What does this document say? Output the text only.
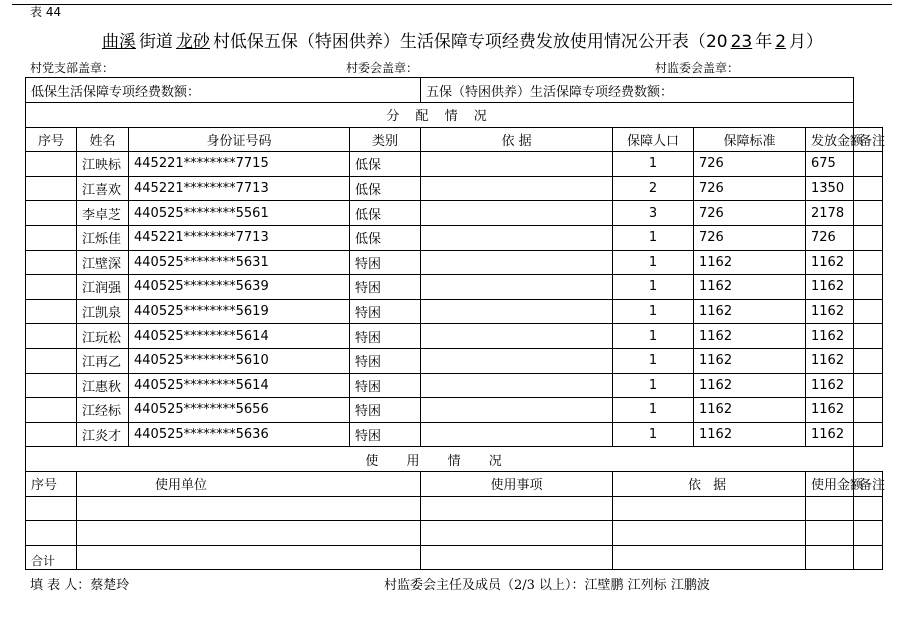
表 44
曲溪 街道 龙砂 村低保五保（特困供养）生活保障专项经费发放使用情况公开表（20 23 年 2 月）
村党支部盖章：	村委会盖章：	村监委会盖章：
低保生活保障专项经费数额：				五保（特困供养）生活保障专项经费数额：				
分 配 情 况								
序号	姓名	身份证号码	类别	依 据	保障人口	保障标准	发放金额	备注
	江映标	445221********7715	低保		1	726	675	
	江喜欢	445221********7713	低保		2	726	1350	
	李卓芝	440525********5561	低保		3	726	2178	
	江烁佳	445221********7713	低保		1	726	726	
	江壁深	440525********5631	特困		1	1162	1162	
	江润强	440525********5639	特困		1	1162	1162	
	江凯泉	440525********5619	特困		1	1162	1162	
	江玩松	440525********5614	特困		1	1162	1162	
	江再乙	440525********5610	特困		1	1162	1162	
	江惠秋	440525********5614	特困		1	1162	1162	
	江经标	440525********5656	特困		1	1162	1162	
	江炎才	440525********5636	特困		1	1162	1162	
使 用 情 况								
序号	使用单位			使用事项	依 据		使用金额	备注

合计								
填 表 人：蔡楚玲	村监委会主任及成员（2/3 以上）：江壁鹏 江列标 江鹏波
